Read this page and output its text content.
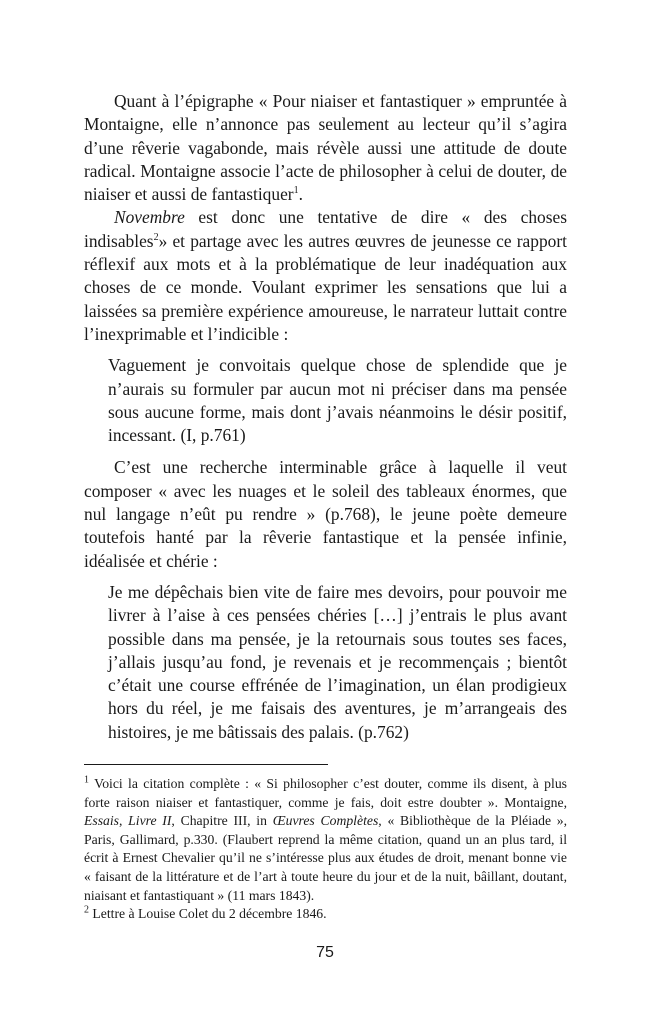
Quant à l’épigraphe « Pour niaiser et fantastiquer » empruntée à Montaigne, elle n’annonce pas seulement au lecteur qu’il s’agira d’une rêverie vagabonde, mais révèle aussi une attitude de doute radical. Montaigne associe l’acte de philosopher à celui de douter, de niaiser et aussi de fantastiquer$^1$.

Novembre est donc une tentative de dire « des choses indisables$^2$» et partage avec les autres œuvres de jeunesse ce rapport réflexif aux mots et à la problématique de leur inadéquation aux choses de ce monde. Voulant exprimer les sensations que lui a laissées sa première expérience amoureuse, le narrateur luttait contre l’inexprimable et l’indicible :

Vaguement je convoitais quelque chose de splendide que je n’aurais su formuler par aucun mot ni préciser dans ma pensée sous aucune forme, mais dont j’avais néanmoins le désir positif, incessant. (I, p.761)

C’est une recherche interminable grâce à laquelle il veut composer « avec les nuages et le soleil des tableaux énormes, que nul langage n’eût pu rendre » (p.768), le jeune poète demeure toutefois hanté par la rêverie fantastique et la pensée infinie, idéalisée et chérie :

Je me dépêchais bien vite de faire mes devoirs, pour pouvoir me livrer à l’aise à ces pensées chéries […] j’entrais le plus avant possible dans ma pensée, je la retournais sous toutes ses faces, j’allais jusqu’au fond, je revenais et je recommençais ; bientôt c’était une course effrénée de l’imagination, un élan prodigieux hors du réel, je me faisais des aventures, je m’arrangeais des histoires, je me bâtissais des palais. (p.762)

$^1$ Voici la citation complète : « Si philosopher c’est douter, comme ils disent, à plus forte raison niaiser et fantastiquer, comme je fais, doit estre doubter ». Montaigne, Essais, Livre II, Chapitre III, in Œuvres Complètes, « Bibliothèque de la Pléiade », Paris, Gallimard, p.330. (Flaubert reprend la même citation, quand un an plus tard, il écrit à Ernest Chevalier qu’il ne s’intéresse plus aux études de droit, menant bonne vie « faisant de la littérature et de l’art à toute heure du jour et de la nuit, bâillant, doutant, niaisant et fantastiquant » (11 mars 1843).

$^2$ Lettre à Louise Colet du 2 décembre 1846.

75
